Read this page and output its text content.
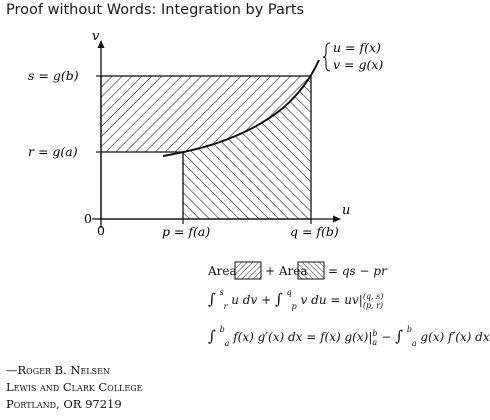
Proof without Words: Integration by Parts
v
u
0
0
s = g(b)
r = g(a)
p = f(a)	q = f(b)
u = f(x)
v = g(x)
Area + Area = qs − pr
∫ $^s$ $_r$ u dv + ∫ $^q$ $_p$ v du = uv| (q, s)
(p, r)
∫ $^b$ $_a$ f(x) g′(x) dx = f(x) g(x)| b
a − ∫ $^b$ $_a$ g(x) f′(x) dx
—Roger B. Nelsen
Lewis and Clark College
Portland, OR 97219
